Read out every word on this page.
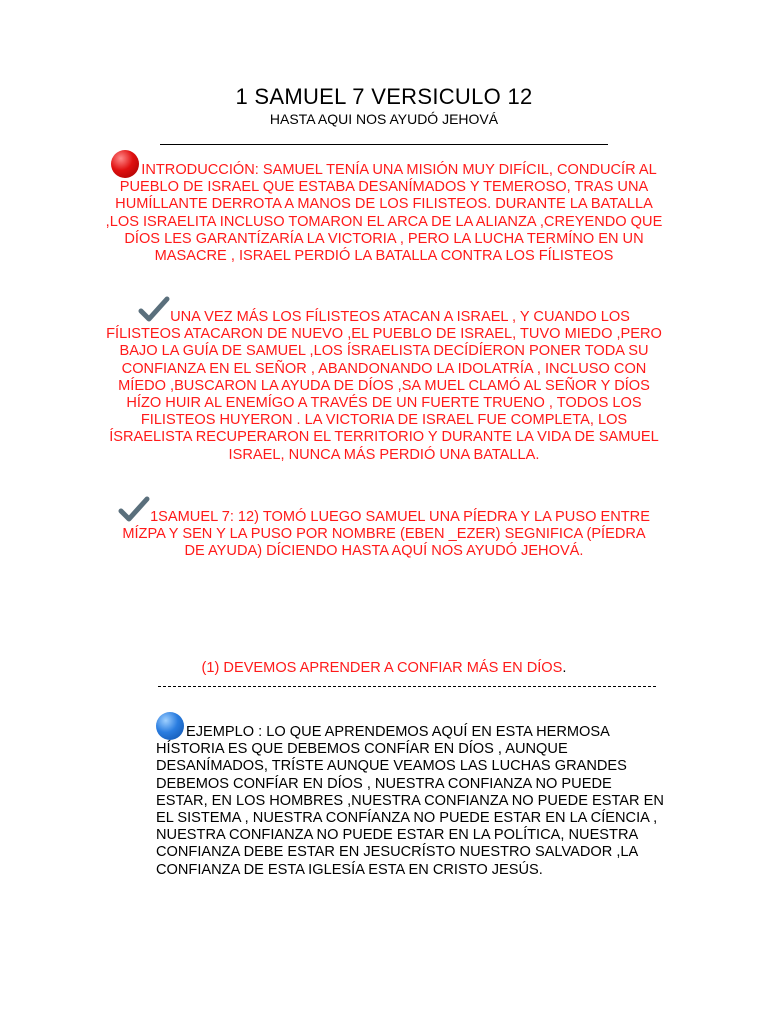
1 SAMUEL 7 VERSICULO 12
HASTA AQUI NOS AYUDÓ JEHOVÁ
INTRODUCCIÓN: SAMUEL TENÍA UNA MISIÓN MUY DIFÍCIL, CONDUCÍR AL PUEBLO DE ISRAEL QUE ESTABA DESANÍMADOS Y TEMEROSO, TRAS UNA HUMÍLLANTE DERROTA A MANOS DE LOS FILISTEOS. DURANTE LA BATALLA ,LOS ISRAELITA INCLUSO TOMARON EL ARCA DE LA ALIANZA ,CREYENDO QUE DÍOS LES GARANTÍZARÍA LA VICTORIA , PERO LA LUCHA TERMÍNO EN UN MASACRE , ISRAEL PERDIÓ LA BATALLA CONTRA LOS FÍLISTEOS
UNA VEZ MÁS LOS FÍLISTEOS ATACAN A ISRAEL , Y CUANDO LOS FÍLISTEOS ATACARON DE NUEVO ,EL PUEBLO DE ISRAEL, TUVO MIEDO ,PERO BAJO LA GUÍA DE SAMUEL ,LOS ÍSRAELISTA DECÍDÍERON PONER TODA SU CONFIANZA EN EL SEÑOR , ABANDONANDO LA IDOLATRÍA , INCLUSO CON MÍEDO ,BUSCARON LA AYUDA DE DÍOS ,SA MUEL CLAMÓ AL SEÑOR Y DÍOS HÍZO HUIR AL ENEMÍGO A TRAVÉS DE UN FUERTE TRUENO , TODOS LOS FILISTEOS HUYERON . LA VICTORIA DE ISRAEL FUE COMPLETA, LOS ÍSRAELISTA RECUPERARON EL TERRITORIO Y DURANTE LA VIDA DE SAMUEL ISRAEL, NUNCA MÁS PERDIÓ UNA BATALLA.
1SAMUEL 7: 12) TOMÓ LUEGO SAMUEL UNA PÍEDRA Y LA PUSO ENTRE MÍZPA Y SEN Y LA PUSO POR NOMBRE (EBEN _EZER) SEGNIFICA (PÍEDRA DE AYUDA) DÍCIENDO HASTA AQUÍ NOS AYUDÓ JEHOVÁ.
(1) DEVEMOS APRENDER A CONFIAR MÁS EN DÍOS.
EJEMPLO : LO QUE APRENDEMOS AQUÍ EN ESTA HERMOSA HÍSTORIA ES QUE DEBEMOS CONFÍAR EN DÍOS , AUNQUE DESANÍMADOS, TRÍSTE AUNQUE VEAMOS LAS LUCHAS GRANDES DEBEMOS CONFÍAR EN DÍOS , NUESTRA CONFIANZA NO PUEDE ESTAR, EN LOS HOMBRES ,NUESTRA CONFIANZA NO PUEDE ESTAR EN EL SISTEMA , NUESTRA CONFÍANZA NO PUEDE ESTAR EN LA CÍENCIA , NUESTRA CONFIANZA NO PUEDE ESTAR EN LA POLÍTICA, NUESTRA CONFIANZA DEBE ESTAR EN JESUCRÍSTO NUESTRO SALVADOR ,LA CONFIANZA DE ESTA IGLESÍA ESTA EN CRISTO JESÚS.
